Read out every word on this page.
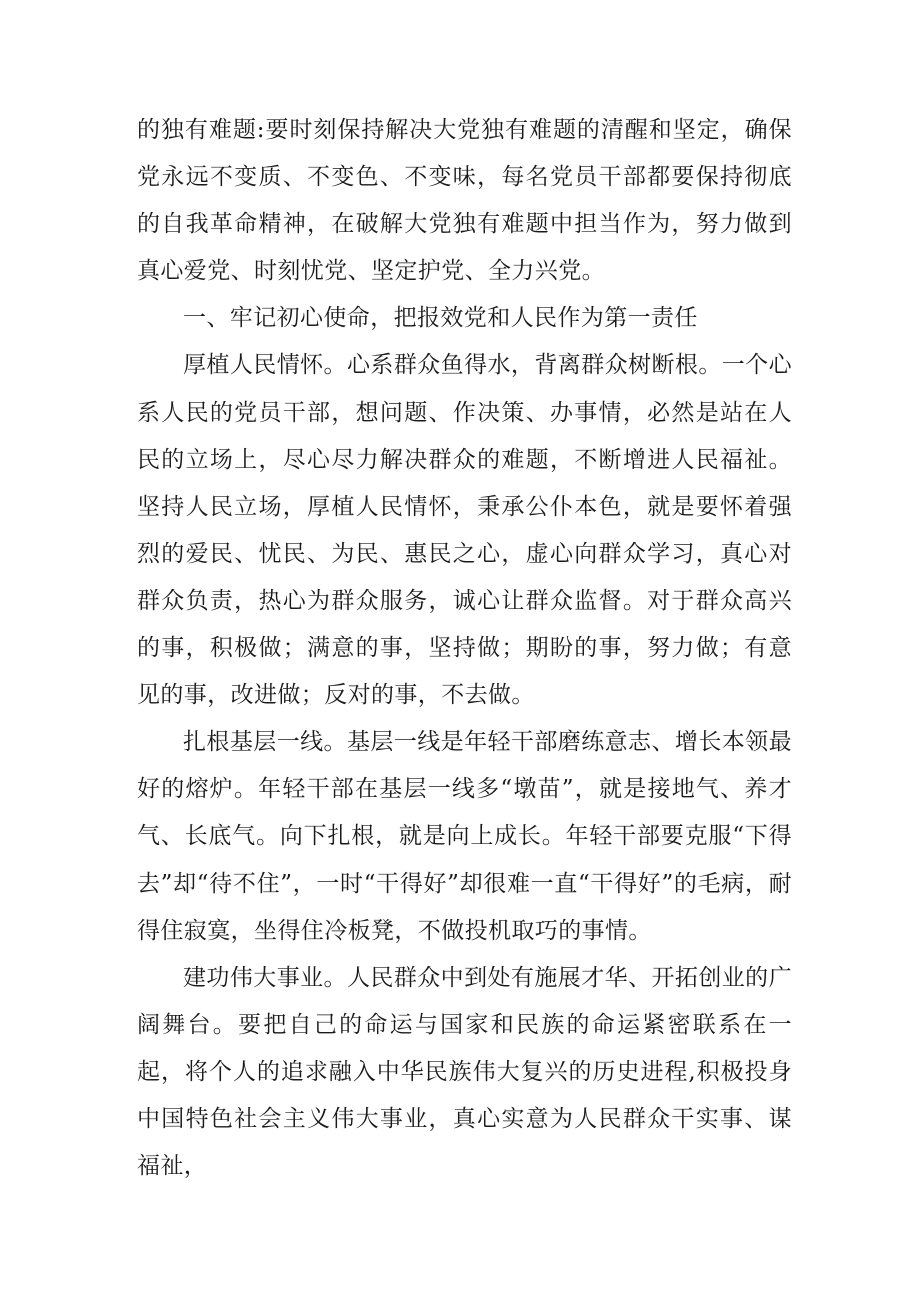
的独有难题:要时刻保持解决大党独有难题的清醒和坚定，确保党永远不变质、不变色、不变味，每名党员干部都要保持彻底的自我革命精神，在破解大党独有难题中担当作为，努力做到真心爱党、时刻忧党、坚定护党、全力兴党。

一、牢记初心使命，把报效党和人民作为第一责任

厚植人民情怀。心系群众鱼得水，背离群众树断根。一个心系人民的党员干部，想问题、作决策、办事情，必然是站在人民的立场上，尽心尽力解决群众的难题，不断增进人民福祉。坚持人民立场，厚植人民情怀，秉承公仆本色，就是要怀着强烈的爱民、忧民、为民、惠民之心，虚心向群众学习，真心对群众负责，热心为群众服务，诚心让群众监督。对于群众高兴的事，积极做；满意的事，坚持做；期盼的事，努力做；有意见的事，改进做；反对的事，不去做。

扎根基层一线。基层一线是年轻干部磨练意志、增长本领最好的熔炉。年轻干部在基层一线多“墩苗”，就是接地气、养才气、长底气。向下扎根，就是向上成长。年轻干部要克服“下得去”却“待不住”，一时“干得好”却很难一直“干得好”的毛病，耐得住寂寞，坐得住冷板凳，不做投机取巧的事情。

建功伟大事业。人民群众中到处有施展才华、开拓创业的广阔舞台。要把自己的命运与国家和民族的命运紧密联系在一起，将个人的追求融入中华民族伟大复兴的历史进程,积极投身中国特色社会主义伟大事业，真心实意为人民群众干实事、谋福祉，
